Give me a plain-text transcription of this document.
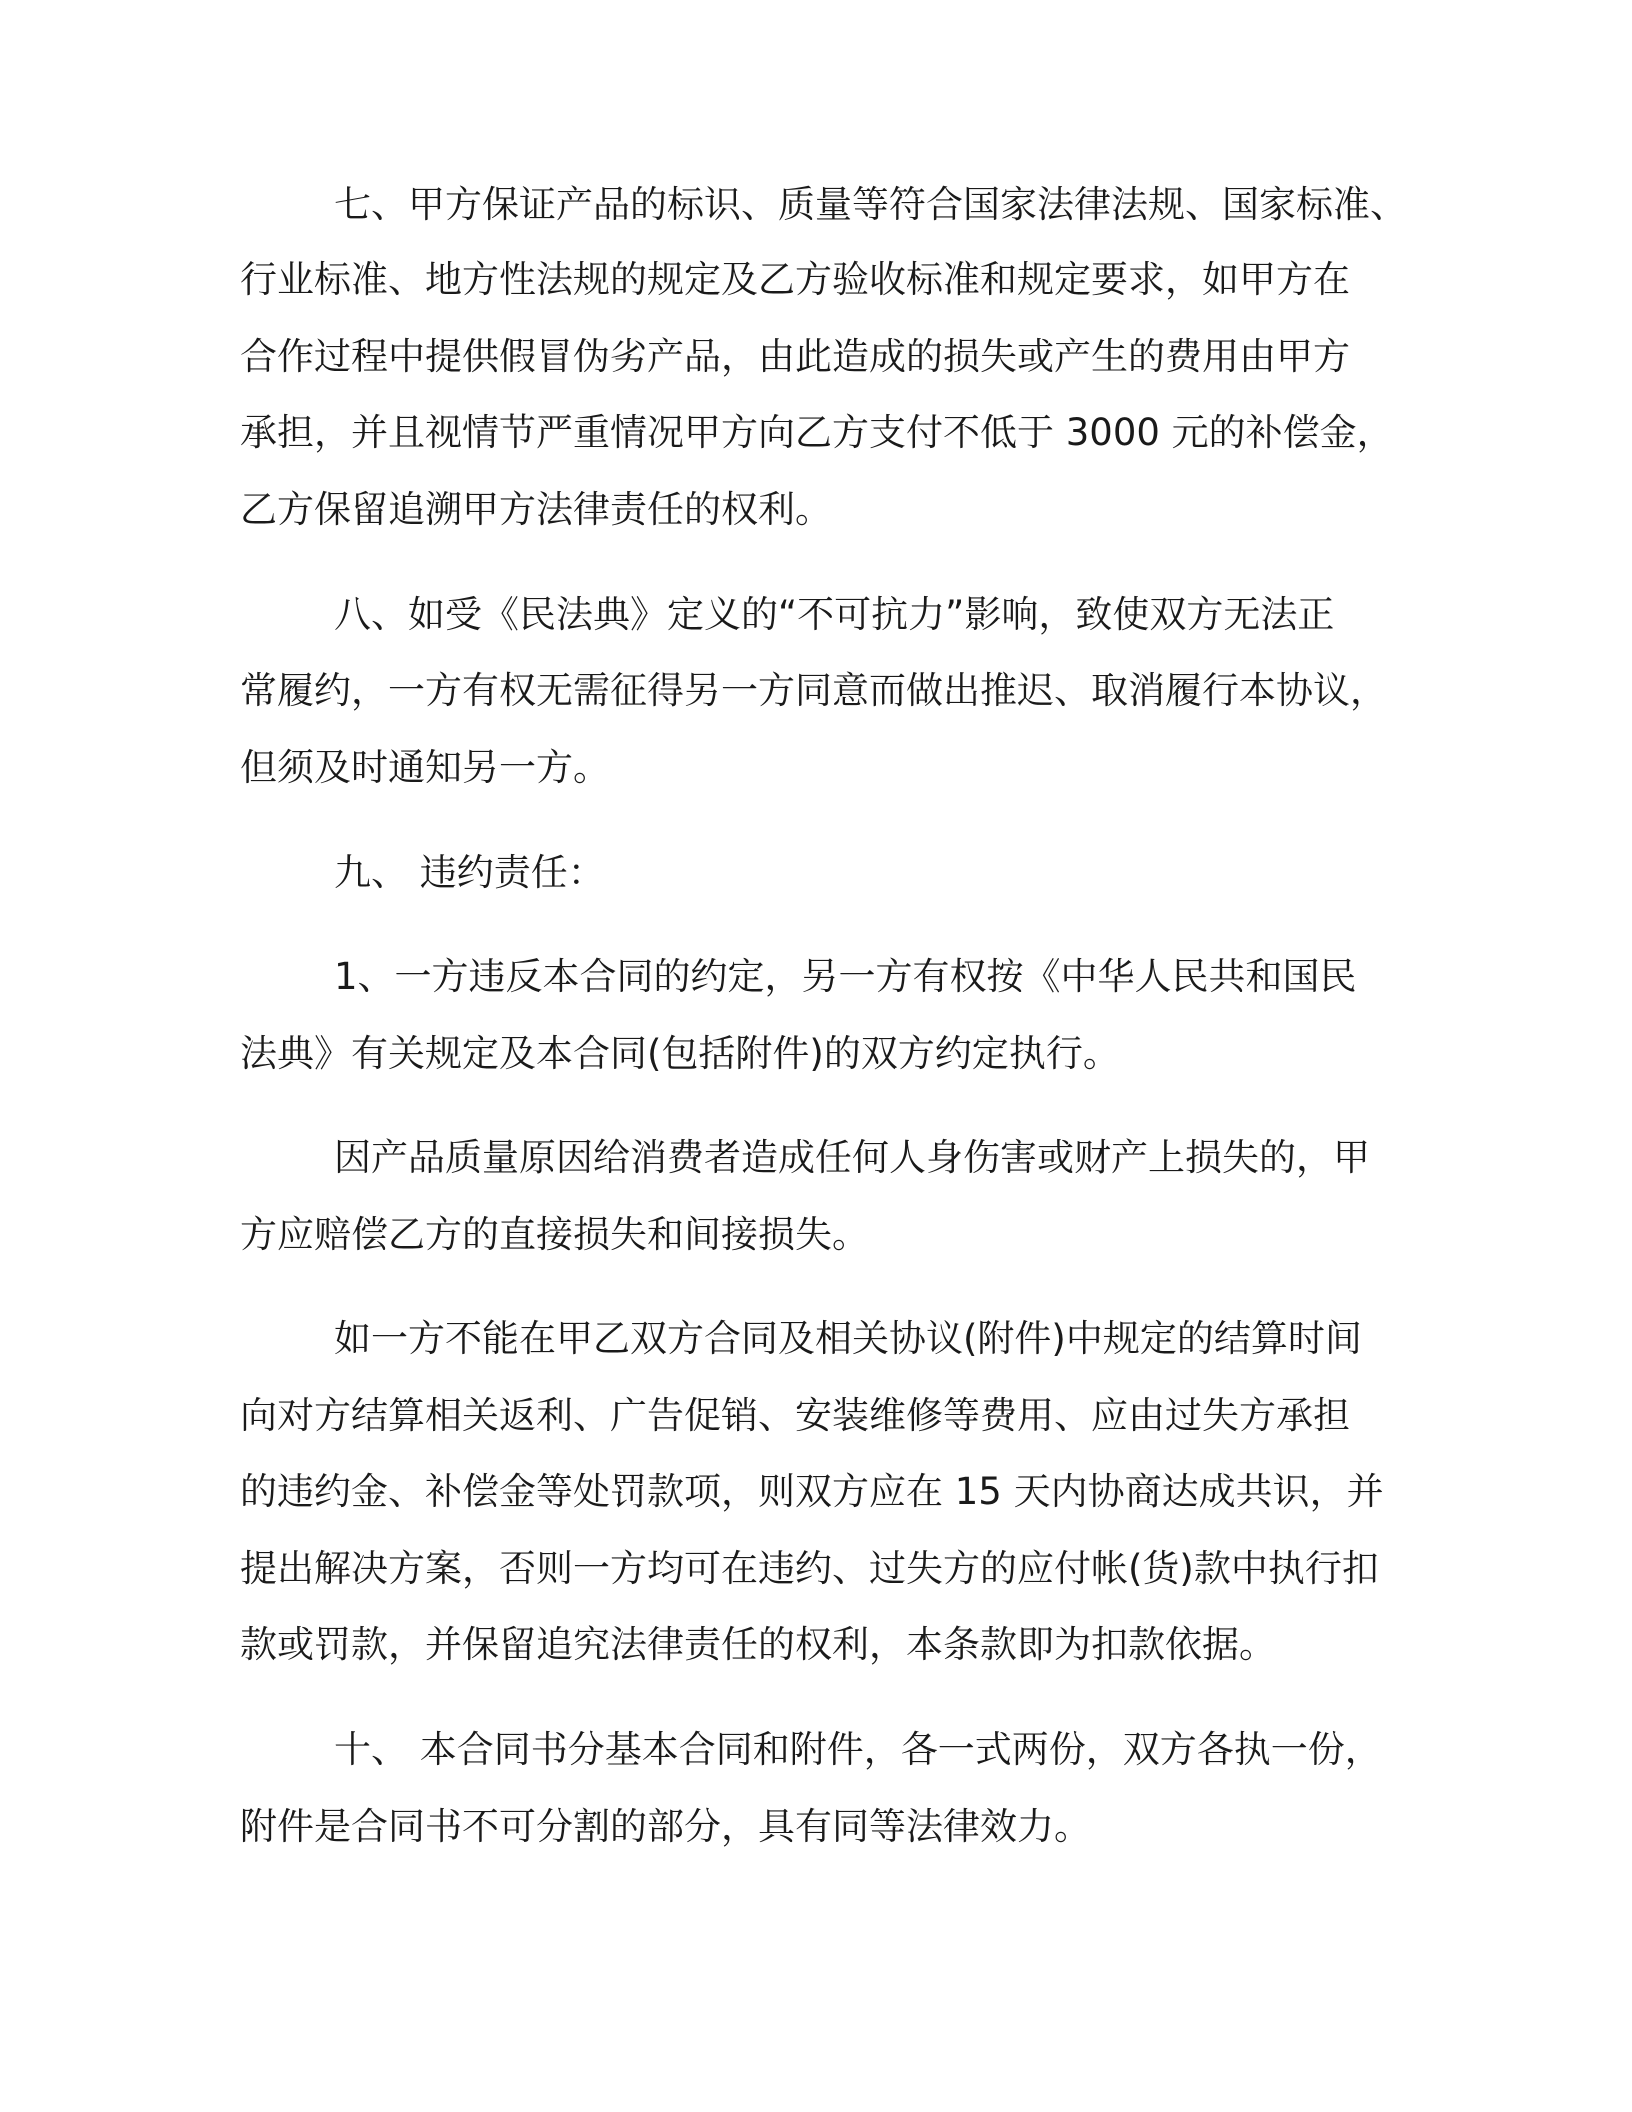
七、甲方保证产品的标识、质量等符合国家法律法规、国家标准、
行业标准、地方性法规的规定及乙方验收标准和规定要求，如甲方在
合作过程中提供假冒伪劣产品，由此造成的损失或产生的费用由甲方
承担，并且视情节严重情况甲方向乙方支付不低于 3000 元的补偿金，
乙方保留追溯甲方法律责任的权利。
八、如受《民法典》定义的“不可抗力”影响，致使双方无法正
常履约，一方有权无需征得另一方同意而做出推迟、取消履行本协议，
但须及时通知另一方。
九、 违约责任：
1、一方违反本合同的约定，另一方有权按《中华人民共和国民
法典》有关规定及本合同(包括附件)的双方约定执行。
因产品质量原因给消费者造成任何人身伤害或财产上损失的，甲
方应赔偿乙方的直接损失和间接损失。
如一方不能在甲乙双方合同及相关协议(附件)中规定的结算时间
向对方结算相关返利、广告促销、安装维修等费用、应由过失方承担
的违约金、补偿金等处罚款项，则双方应在 15 天内协商达成共识，并
提出解决方案，否则一方均可在违约、过失方的应付帐(货)款中执行扣
款或罚款，并保留追究法律责任的权利，本条款即为扣款依据。
十、 本合同书分基本合同和附件，各一式两份，双方各执一份，
附件是合同书不可分割的部分，具有同等法律效力。
